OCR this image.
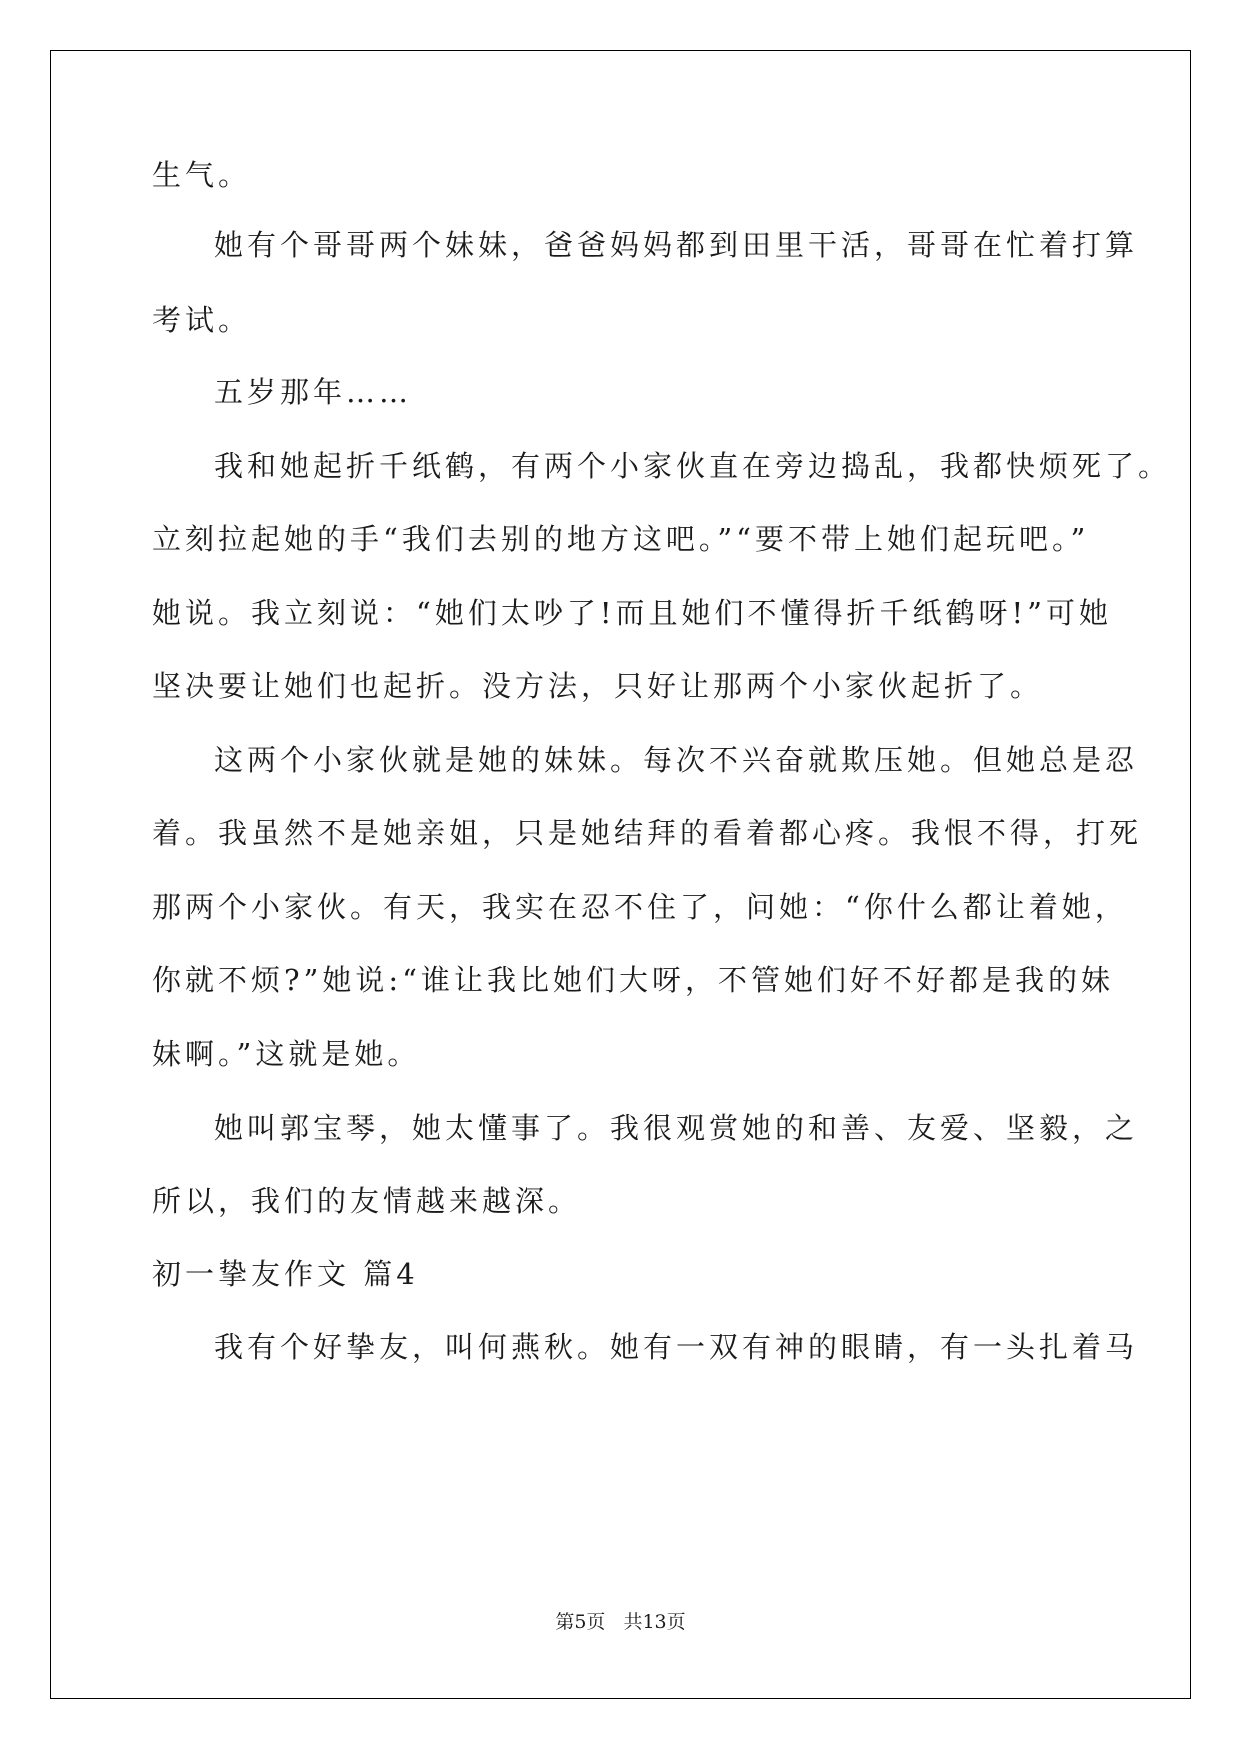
生气。
她有个哥哥两个妹妹，爸爸妈妈都到田里干活，哥哥在忙着打算
考试。
五岁那年……
我和她起折千纸鹤，有两个小家伙直在旁边捣乱，我都快烦死了。
立刻拉起她的手“我们去别的地方这吧。”“要不带上她们起玩吧。”
她说。我立刻说：“她们太吵了!而且她们不懂得折千纸鹤呀!”可她
坚决要让她们也起折。没方法，只好让那两个小家伙起折了。
这两个小家伙就是她的妹妹。每次不兴奋就欺压她。但她总是忍
着。我虽然不是她亲姐，只是她结拜的看着都心疼。我恨不得，打死
那两个小家伙。有天，我实在忍不住了，问她：“你什么都让着她，
你就不烦?”她说:“谁让我比她们大呀，不管她们好不好都是我的妹
妹啊。”这就是她。
她叫郭宝琴，她太懂事了。我很观赏她的和善、友爱、坚毅，之
所以，我们的友情越来越深。
初一挚友作文 篇4
我有个好挚友，叫何燕秋。她有一双有神的眼睛，有一头扎着马
第5页 共13页
